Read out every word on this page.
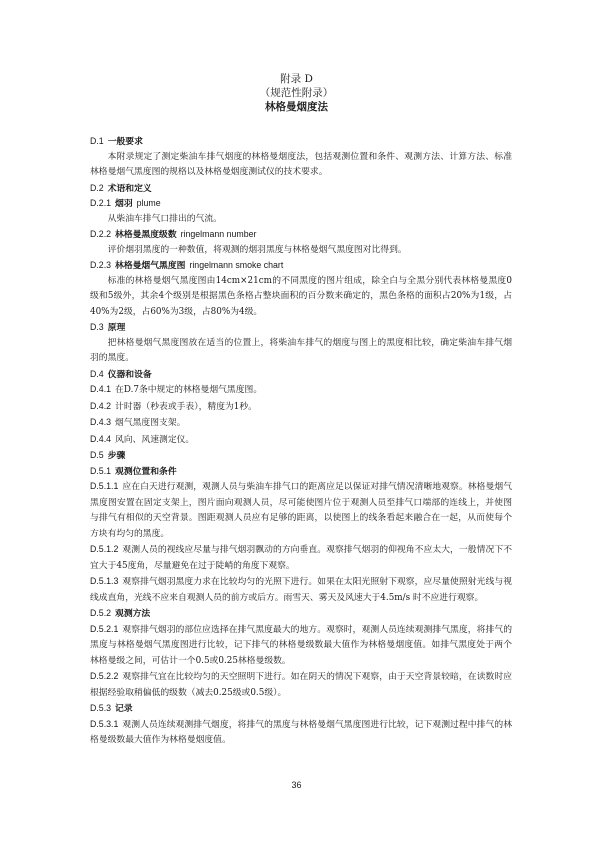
附录 D
（规范性附录）
林格曼烟度法
D.1 一般要求

本附录规定了测定柴油车排气烟度的林格曼烟度法，包括观测位置和条件、观测方法、计算方法、标准林格曼烟气黑度图的规格以及林格曼烟度测试仪的技术要求。

D.2 术语和定义
D.2.1 烟羽 plume

从柴油车排气口排出的气流。

D.2.2 林格曼黑度级数 ringelmann number

评价烟羽黑度的一种数值，将观测的烟羽黑度与林格曼烟气黑度图对比得到。

D.2.3 林格曼烟气黑度图 ringelmann smoke chart

标准的林格曼烟气黑度图由14cm×21cm的不同黑度的图片组成，除全白与全黑分别代表林格曼黑度0级和5级外，其余4个级别是根据黑色条格占整块面积的百分数来确定的，黑色条格的面积占20%为1级，占40%为2级，占60%为3级，占80%为4级。

D.3 原理

把林格曼烟气黑度图放在适当的位置上，将柴油车排气的烟度与图上的黑度相比较，确定柴油车排气烟羽的黑度。

D.4 仪器和设备

D.4.1 在D.7条中规定的林格曼烟气黑度图。

D.4.2 计时器（秒表或手表），精度为1秒。

D.4.3 烟气黑度图支架。

D.4.4 风向、风速测定仪。

D.5 步骤
D.5.1 观测位置和条件

D.5.1.1 应在白天进行观测，观测人员与柴油车排气口的距离应足以保证对排气情况清晰地观察。林格曼烟气黑度图安置在固定支架上，图片面向观测人员，尽可能使图片位于观测人员至排气口端部的连线上，并使图与排气有相似的天空背景。图距观测人员应有足够的距离，以使图上的线条看起来融合在一起，从而使每个方块有均匀的黑度。

D.5.1.2 观测人员的视线应尽量与排气烟羽飘动的方向垂直。观察排气烟羽的仰视角不应太大，一般情况下不宜大于45度角，尽量避免在过于陡峭的角度下观察。

D.5.1.3 观察排气烟羽黑度力求在比较均匀的光照下进行。如果在太阳光照射下观察，应尽量使照射光线与视线成直角，光线不应来自观测人员的前方或后方。雨雪天、雾天及风速大于4.5m/s 时不应进行观察。

D.5.2 观测方法

D.5.2.1 观察排气烟羽的部位应选择在排气黑度最大的地方。观察时，观测人员连续观测排气黑度，将排气的黑度与林格曼烟气黑度图进行比较，记下排气的林格曼级数最大值作为林格曼烟度值。如排气黑度处于两个林格曼级之间，可估计一个0.5或0.25林格曼级数。

D.5.2.2 观察排气宜在比较均匀的天空照明下进行。如在阴天的情况下观察，由于天空背景较暗，在读数时应根据经验取稍偏低的级数（减去0.25级或0.5级）。

D.5.3 记录

D.5.3.1 观测人员连续观测排气烟度，将排气的黑度与林格曼烟气黑度图进行比较，记下观测过程中排气的林格曼级数最大值作为林格曼烟度值。

36
